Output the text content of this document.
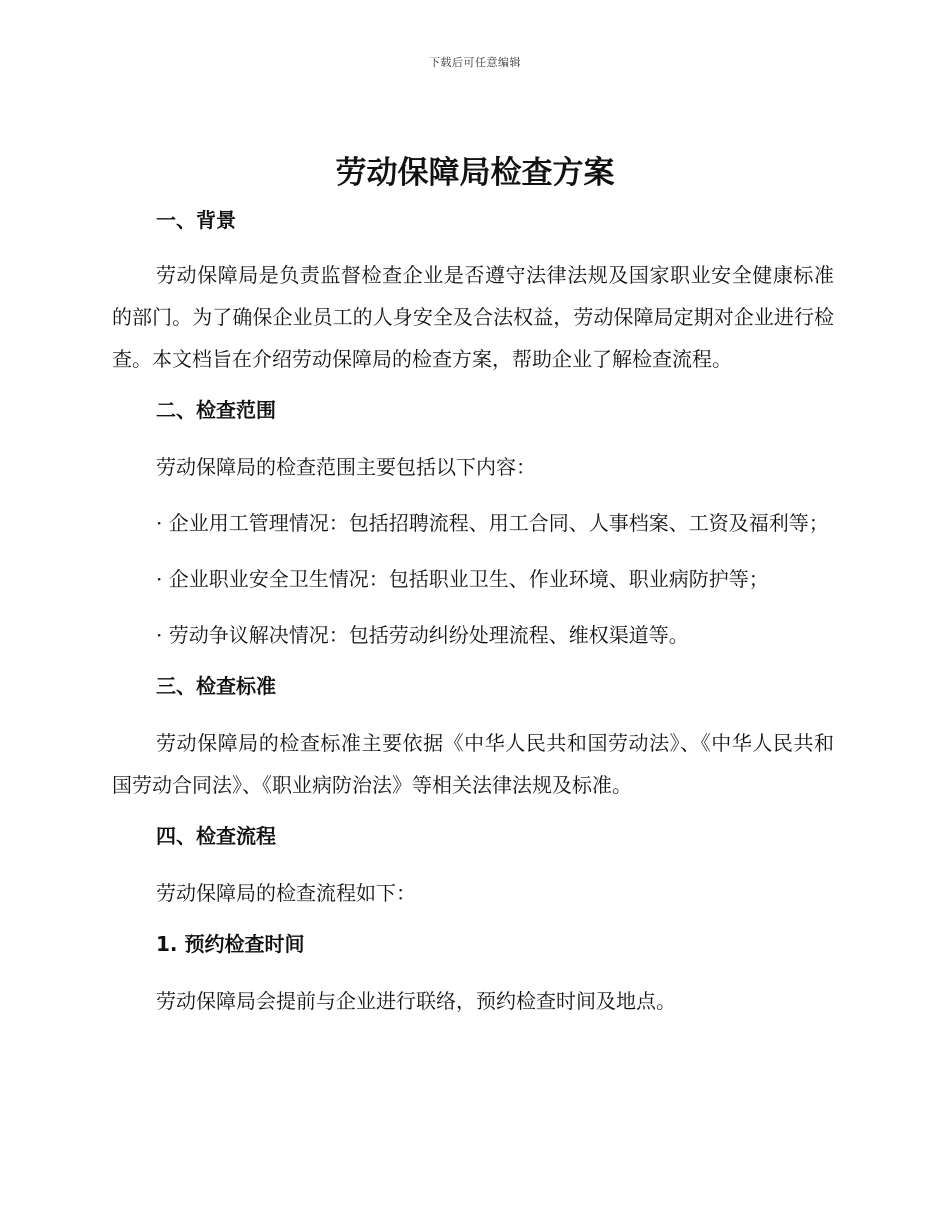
下载后可任意编辑
劳动保障局检查方案
一、背景

劳动保障局是负责监督检查企业是否遵守法律法规及国家职业安全健康标准的部门。为了确保企业员工的人身安全及合法权益，劳动保障局定期对企业进行检查。本文档旨在介绍劳动保障局的检查方案，帮助企业了解检查流程。

二、检查范围

劳动保障局的检查范围主要包括以下内容：

· 企业用工管理情况：包括招聘流程、用工合同、人事档案、工资及福利等；

· 企业职业安全卫生情况：包括职业卫生、作业环境、职业病防护等；

· 劳动争议解决情况：包括劳动纠纷处理流程、维权渠道等。

三、检查标准

劳动保障局的检查标准主要依据《中华人民共和国劳动法》、《中华人民共和国劳动合同法》、《职业病防治法》等相关法律法规及标准。

四、检查流程

劳动保障局的检查流程如下：

1. 预约检查时间

劳动保障局会提前与企业进行联络，预约检查时间及地点。
